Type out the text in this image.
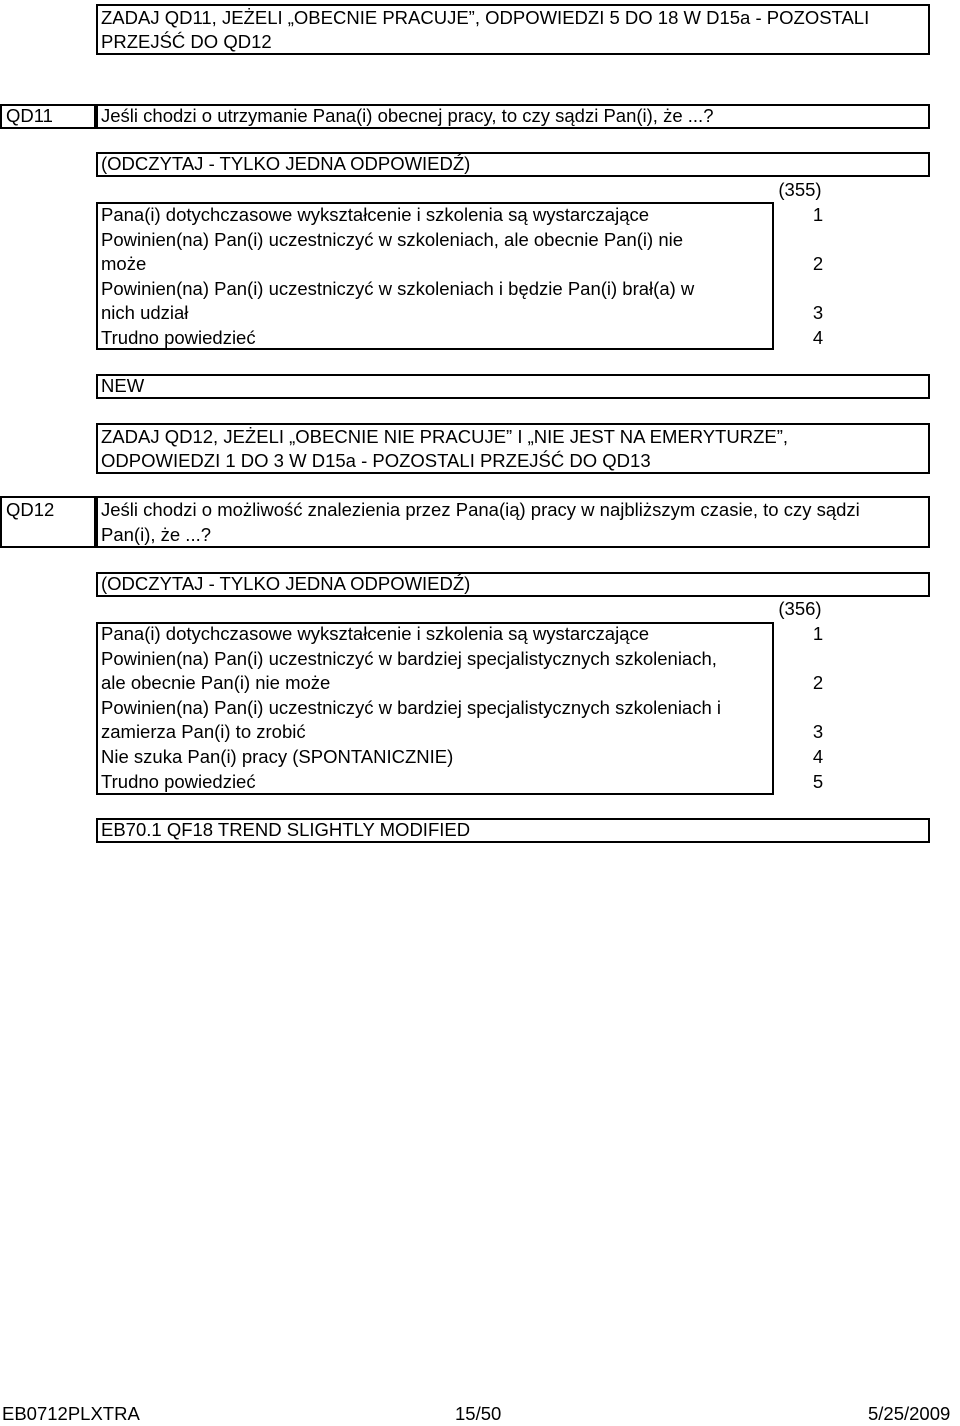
ZADAJ QD11, JEŻELI „OBECNIE PRACUJE”, ODPOWIEDZI 5 DO 18 W D15a - POZOSTALI PRZEJŚĆ DO QD12
QD11	Jeśli chodzi o utrzymanie Pana(i) obecnej pracy, to czy sądzi Pan(i), że ...?
(ODCZYTAJ - TYLKO JEDNA ODPOWIEDŹ)
(355)
Pana(i) dotychczasowe wykształcenie i szkolenia są wystarczające	1
Powinien(na) Pan(i) uczestniczyć w szkoleniach, ale obecnie Pan(i) nie
może	2
Powinien(na) Pan(i) uczestniczyć w szkoleniach i będzie Pan(i) brał(a) w
nich udział	3
Trudno powiedzieć	4
NEW
ZADAJ QD12, JEŻELI „OBECNIE NIE PRACUJE” I „NIE JEST NA EMERYTURZE”,
ODPOWIEDZI 1 DO 3 W D15a - POZOSTALI PRZEJŚĆ DO QD13
QD12	Jeśli chodzi o możliwość znalezienia przez Pana(ią) pracy w najbliższym czasie, to czy sądzi
Pan(i), że ...?
(ODCZYTAJ - TYLKO JEDNA ODPOWIEDŹ)
(356)
Pana(i) dotychczasowe wykształcenie i szkolenia są wystarczające	1
Powinien(na) Pan(i) uczestniczyć w bardziej specjalistycznych szkoleniach,
ale obecnie Pan(i) nie może	2
Powinien(na) Pan(i) uczestniczyć w bardziej specjalistycznych szkoleniach i
zamierza Pan(i) to zrobić	3
Nie szuka Pan(i) pracy (SPONTANICZNIE)	4
Trudno powiedzieć	5
EB70.1 QF18 TREND SLIGHTLY MODIFIED
EB0712PLXTRA	15/50	5/25/2009
